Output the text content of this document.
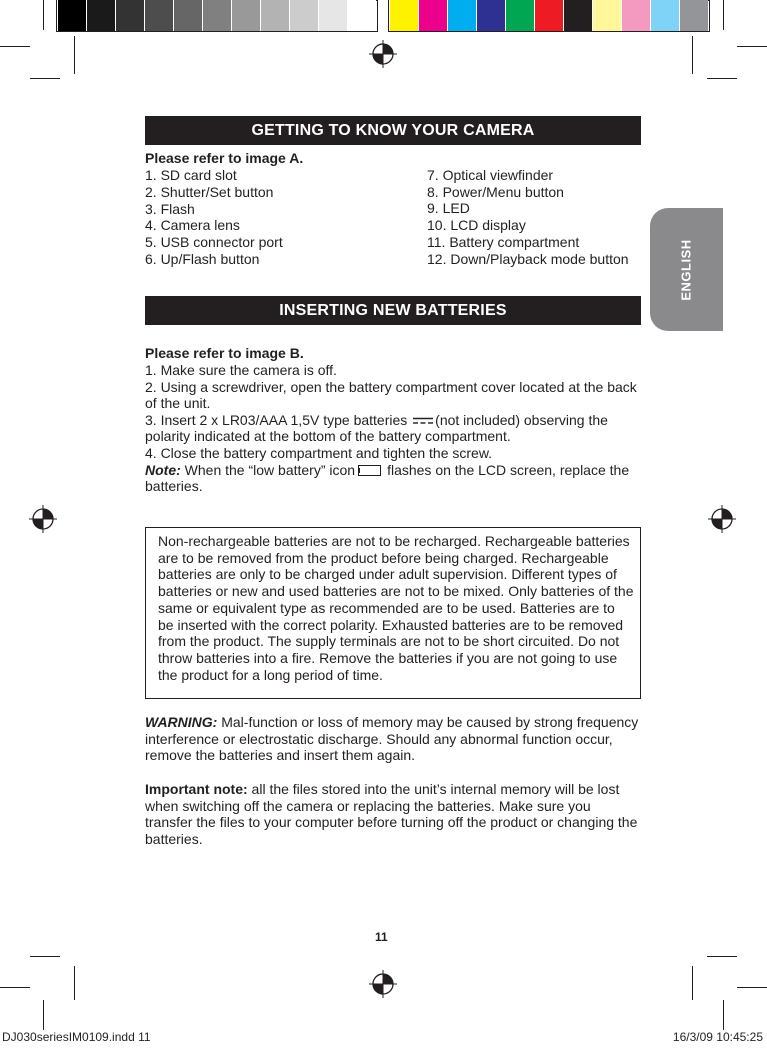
ENGLISH
GETTING TO KNOW YOUR CAMERA
Please refer to image A.
1. SD card slot
2. Shutter/Set button
3. Flash
4. Camera lens
5. USB connector port
6. Up/Flash button
7. Optical viewfinder
8. Power/Menu button
9. LED
10. LCD display
11. Battery compartment
12. Down/Playback mode button
INSERTING NEW BATTERIES
Please refer to image B.
1. Make sure the camera is off.
2. Using a screwdriver, open the battery compartment cover located at the back of the unit.
3. Insert 2 x LR03/AAA 1,5V type batteries (not included) observing the polarity indicated at the bottom of the battery compartment.
4. Close the battery compartment and tighten the screw.
Note: When the “low battery” icon flashes on the LCD screen, replace the batteries.
Non-rechargeable batteries are not to be recharged. Rechargeable batteries are to be removed from the product before being charged. Rechargeable batteries are only to be charged under adult supervision. Different types of batteries or new and used batteries are not to be mixed. Only batteries of the same or equivalent type as recommended are to be used. Batteries are to be inserted with the correct polarity. Exhausted batteries are to be removed from the product. The supply terminals are not to be short circuited. Do not throw batteries into a fire. Remove the batteries if you are not going to use the product for a long period of time.
WARNING: Mal-function or loss of memory may be caused by strong frequency interference or electrostatic discharge. Should any abnormal function occur, remove the batteries and insert them again.
Important note: all the files stored into the unit’s internal memory will be lost when switching off the camera or replacing the batteries. Make sure you transfer the files to your computer before turning off the product or changing the batteries.
11
DJ030seriesIM0109.indd 11	16/3/09 10:45:25
